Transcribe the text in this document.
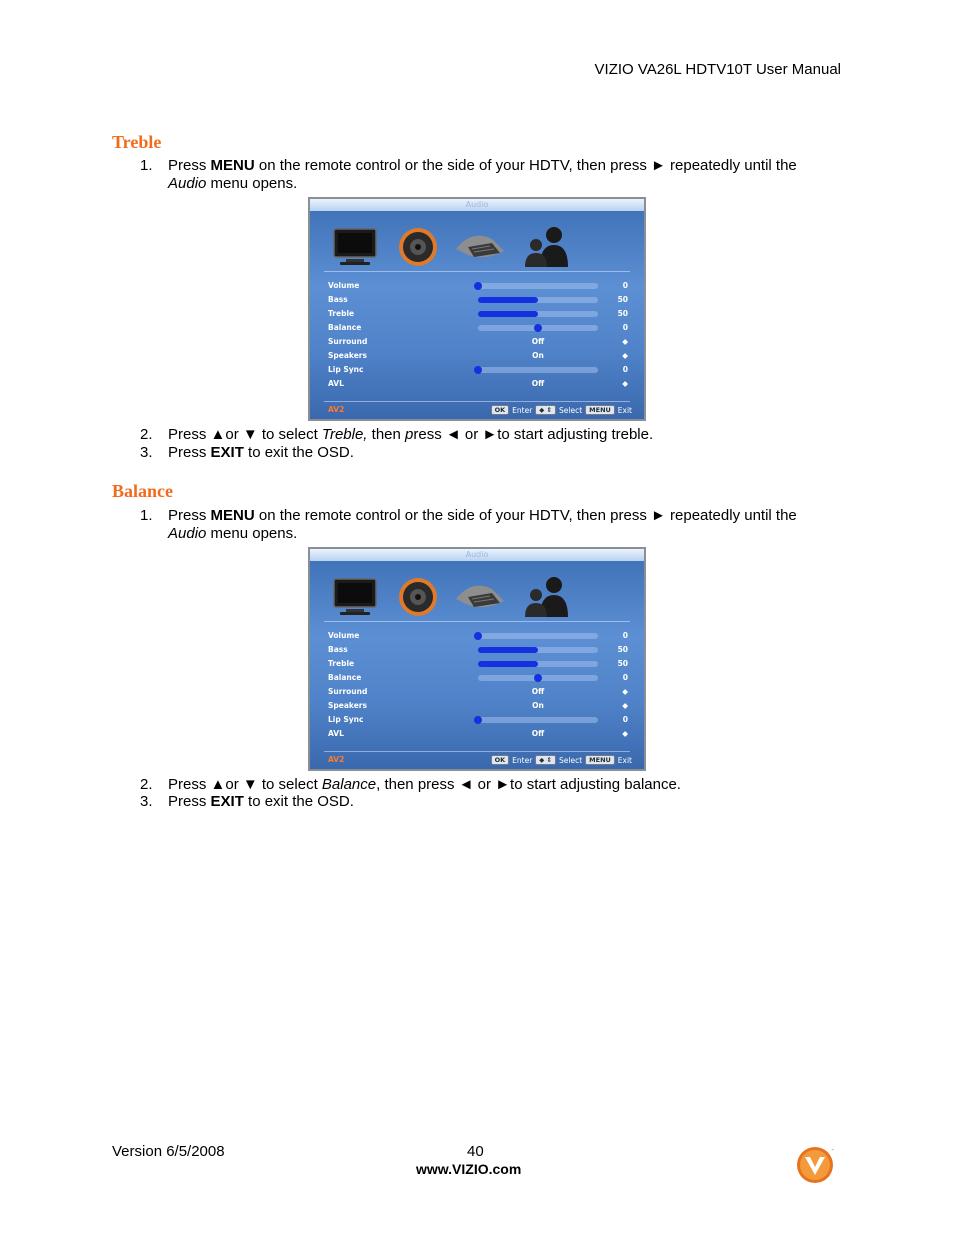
VIZIO VA26L HDTV10T User Manual
Treble
1. Press MENU on the remote control or the side of your HDTV, then press ► repeatedly until the
Audio menu opens.
Audio
Volume	0
Bass	50
Treble	50
Balance	0
Surround	Off	◆
Speakers	On	◆
Lip Sync	0
AVL	Off	◆
AV2	OK Enter	◆ ⇕ Select	MENU Exit
2. Press ▲or ▼ to select Treble, then press ◄ or ►to start adjusting treble.
3. Press EXIT to exit the OSD.
Balance
1. Press MENU on the remote control or the side of your HDTV, then press ► repeatedly until the
Audio menu opens.
Audio
Volume	0
Bass	50
Treble	50
Balance	0
Surround	Off	◆
Speakers	On	◆
Lip Sync	0
AVL	Off	◆
AV2	OK Enter	◆ ⇕ Select	MENU Exit
2. Press ▲or ▼ to select Balance, then press ◄ or ►to start adjusting balance.
3. Press EXIT to exit the OSD.
Version 6/5/2008	40
www.VIZIO.com
™
